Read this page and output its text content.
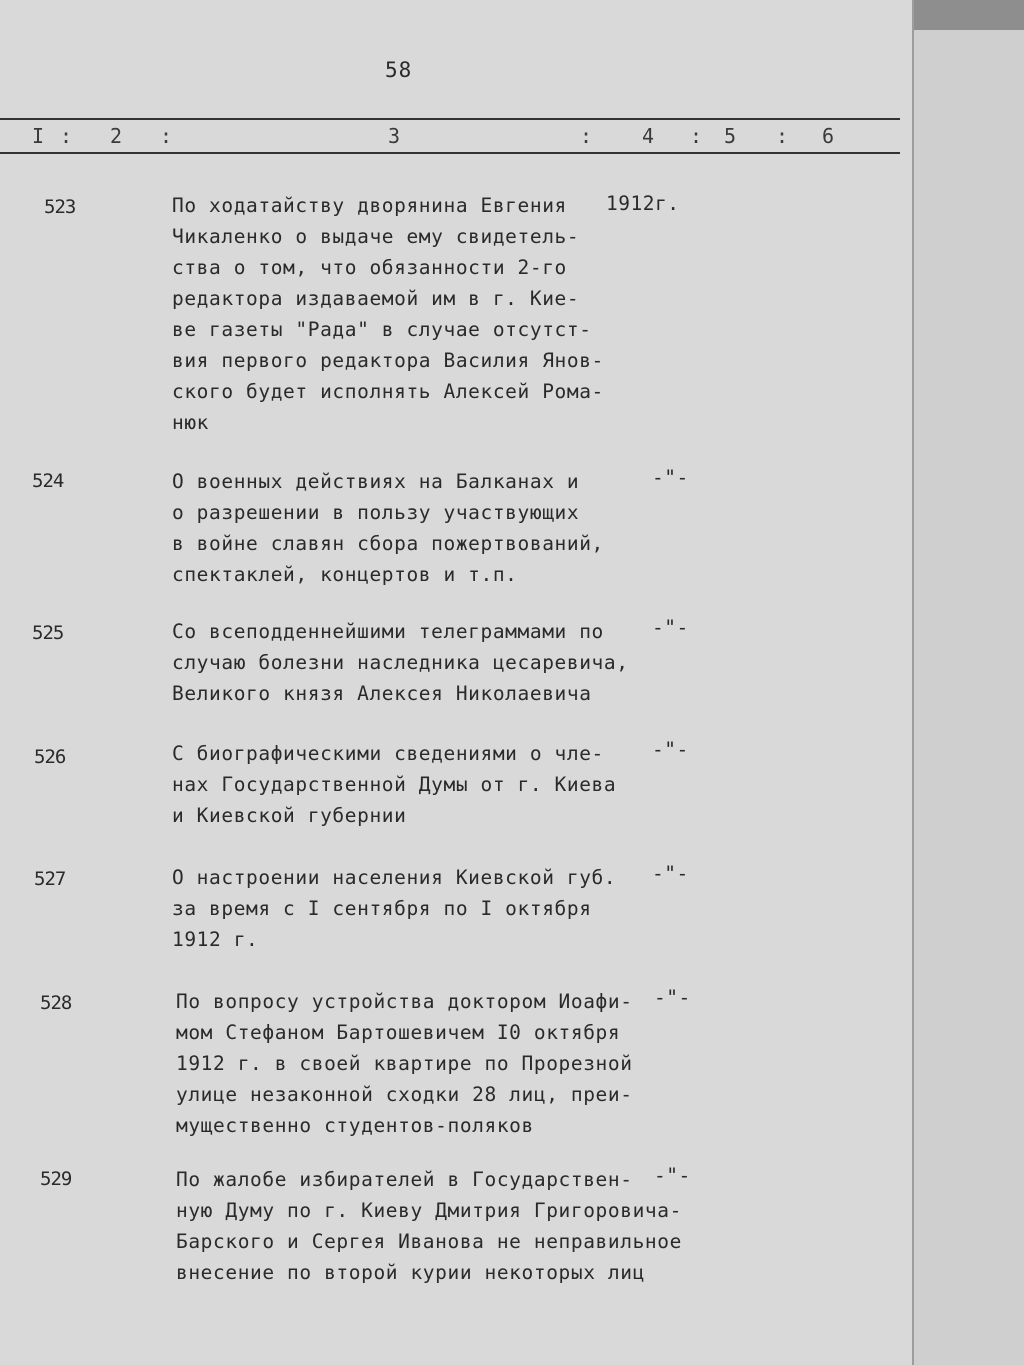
58
I : 2 :	3	: 4 : 5 : 6
523	По ходатайству дворянина Евгения
Чикаленко о выдаче ему свидетель-
ства о том, что обязанности 2-го
редактора издаваемой им в г. Кие-
ве газеты "Рада" в случае отсутст-
вия первого редактора Василия Янов-
ского будет исполнять Алексей Рома-
нюк
1912г.
524	О военных действиях на Балканах и
о разрешении в пользу участвующих
в войне славян сбора пожертвований,
спектаклей, концертов и т.п.
-"-
525	Со всеподденнейшими телеграммами по
случаю болезни наследника цесаревича,
Великого князя Алексея Николаевича
-"-
526	С биографическими сведениями о чле-
нах Государственной Думы от г. Киева
и Киевской губернии
-"-
527	О настроении населения Киевской губ.
за время с I сентября по I октября
1912 г.
-"-
528	По вопросу устройства доктором Иоафи-
мом Стефаном Бартошевичем I0 октября
1912 г. в своей квартире по Прорезной
улице незаконной сходки 28 лиц, преи-
мущественно студентов-поляков
-"-
529	По жалобе избирателей в Государствен-
ную Думу по г. Киеву Дмитрия Григоровича-
Барского и Сергея Иванова не неправильное
внесение по второй курии некоторых лиц
-"-
